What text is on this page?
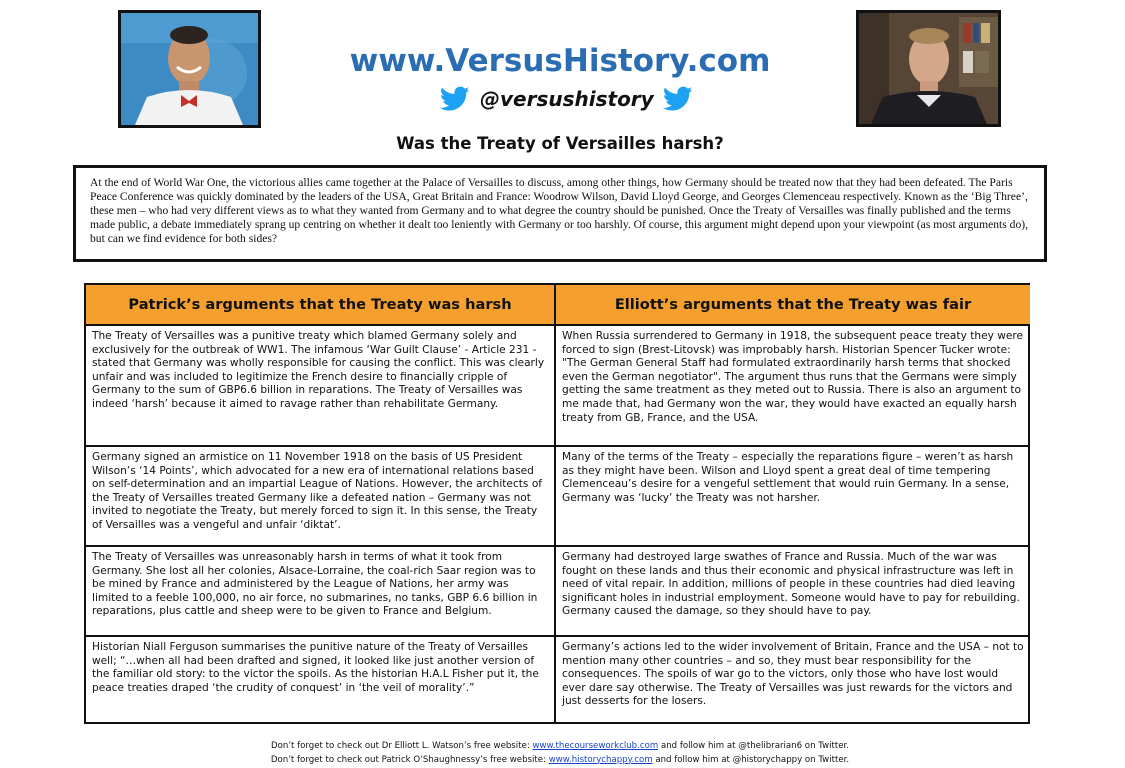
www.VersusHistory.com
@versushistory
Was the Treaty of Versailles harsh?
At the end of World War One, the victorious allies came together at the Palace of Versailles to discuss, among other things, how Germany should be treated now that they had been defeated. The Paris Peace Conference was quickly dominated by the leaders of the USA, Great Britain and France: Woodrow Wilson, David Lloyd George, and Georges Clemenceau respectively. Known as the ‘Big Three’, these men – who had very different views as to what they wanted from Germany and to what degree the country should be punished. Once the Treaty of Versailles was finally published and the terms made public, a debate immediately sprang up centring on whether it dealt too leniently with Germany or too harshly. Of course, this argument might depend upon your viewpoint (as most arguments do), but can we find evidence for both sides?
Patrick’s arguments that the Treaty was harsh	Elliott’s arguments that the Treaty was fair
The Treaty of Versailles was a punitive treaty which blamed Germany solely and exclusively for the outbreak of WW1. The infamous ‘War Guilt Clause’ - Article 231 - stated that Germany was wholly responsible for causing the conflict. This was clearly unfair and was included to legitimize the French desire to financially cripple of Germany to the sum of GBP6.6 billion in reparations. The Treaty of Versailles was indeed ‘harsh’ because it aimed to ravage rather than rehabilitate Germany.
When Russia surrendered to Germany in 1918, the subsequent peace treaty they were forced to sign (Brest-Litovsk) was improbably harsh. Historian Spencer Tucker wrote: "The German General Staff had formulated extraordinarily harsh terms that shocked even the German negotiator". The argument thus runs that the Germans were simply getting the same treatment as they meted out to Russia. There is also an argument to me made that, had Germany won the war, they would have exacted an equally harsh treaty from GB, France, and the USA.
Germany signed an armistice on 11 November 1918 on the basis of US President Wilson’s ‘14 Points’, which advocated for a new era of international relations based on self-determination and an impartial League of Nations. However, the architects of the Treaty of Versailles treated Germany like a defeated nation – Germany was not invited to negotiate the Treaty, but merely forced to sign it. In this sense, the Treaty of Versailles was a vengeful and unfair ‘diktat’.
Many of the terms of the Treaty – especially the reparations figure – weren’t as harsh as they might have been. Wilson and Lloyd spent a great deal of time tempering Clemenceau’s desire for a vengeful settlement that would ruin Germany. In a sense, Germany was ‘lucky’ the Treaty was not harsher.
The Treaty of Versailles was unreasonably harsh in terms of what it took from Germany. She lost all her colonies, Alsace-Lorraine, the coal-rich Saar region was to be mined by France and administered by the League of Nations, her army was limited to a feeble 100,000, no air force, no submarines, no tanks, GBP 6.6 billion in reparations, plus cattle and sheep were to be given to France and Belgium.
Germany had destroyed large swathes of France and Russia. Much of the war was fought on these lands and thus their economic and physical infrastructure was left in need of vital repair. In addition, millions of people in these countries had died leaving significant holes in industrial employment. Someone would have to pay for rebuilding. Germany caused the damage, so they should have to pay.
Historian Niall Ferguson summarises the punitive nature of the Treaty of Versailles well; “…when all had been drafted and signed, it looked like just another version of the familiar old story: to the victor the spoils. As the historian H.A.L Fisher put it, the peace treaties draped ‘the crudity of conquest’ in ‘the veil of morality’.”
Germany’s actions led to the wider involvement of Britain, France and the USA – not to mention many other countries – and so, they must bear responsibility for the consequences. The spoils of war go to the victors, only those who have lost would ever dare say otherwise. The Treaty of Versailles was just rewards for the victors and just desserts for the losers.
Don’t forget to check out Dr Elliott L. Watson’s free website: www.thecourseworkclub.com and follow him at @thelibrarian6 on Twitter.
Don’t forget to check out Patrick O’Shaughnessy’s free website: www.historychappy.com and follow him at @historychappy on Twitter.
